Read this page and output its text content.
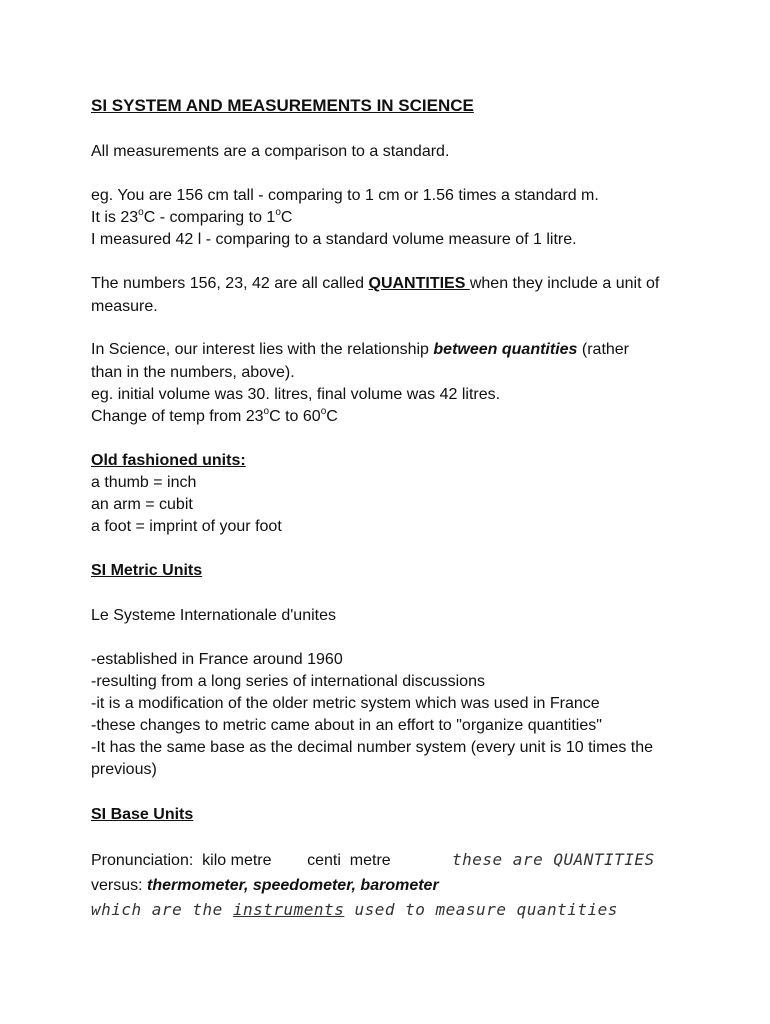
SI SYSTEM AND MEASUREMENTS IN SCIENCE
All measurements are a comparison to a standard.
eg. You are 156 cm tall - comparing to 1 cm or 1.56 times a standard m.
It is 23$^o$C - comparing to 1$^o$C
I measured 42 l - comparing to a standard volume measure of 1 litre.
The numbers 156, 23, 42 are all called QUANTITIES when they include a unit of
measure.
In Science, our interest lies with the relationship between quantities (rather
than in the numbers, above).
eg. initial volume was 30. litres, final volume was 42 litres.
Change of temp from 23$^o$C to 60$^o$C
Old fashioned units:
a thumb = inch
an arm = cubit
a foot = imprint of your foot
SI Metric Units
Le Systeme Internationale d'unites
-established in France around 1960
-resulting from a long series of international discussions
-it is a modification of the older metric system which was used in France
-these changes to metric came about in an effort to "organize quantities"
-It has the same base as the decimal number system (every unit is 10 times the
previous)
SI Base Units
Pronunciation:  kilo metre        centi  metre	these are QUANTITIES
versus: thermometer, speedometer, barometer
which are the instruments used to measure quantities
